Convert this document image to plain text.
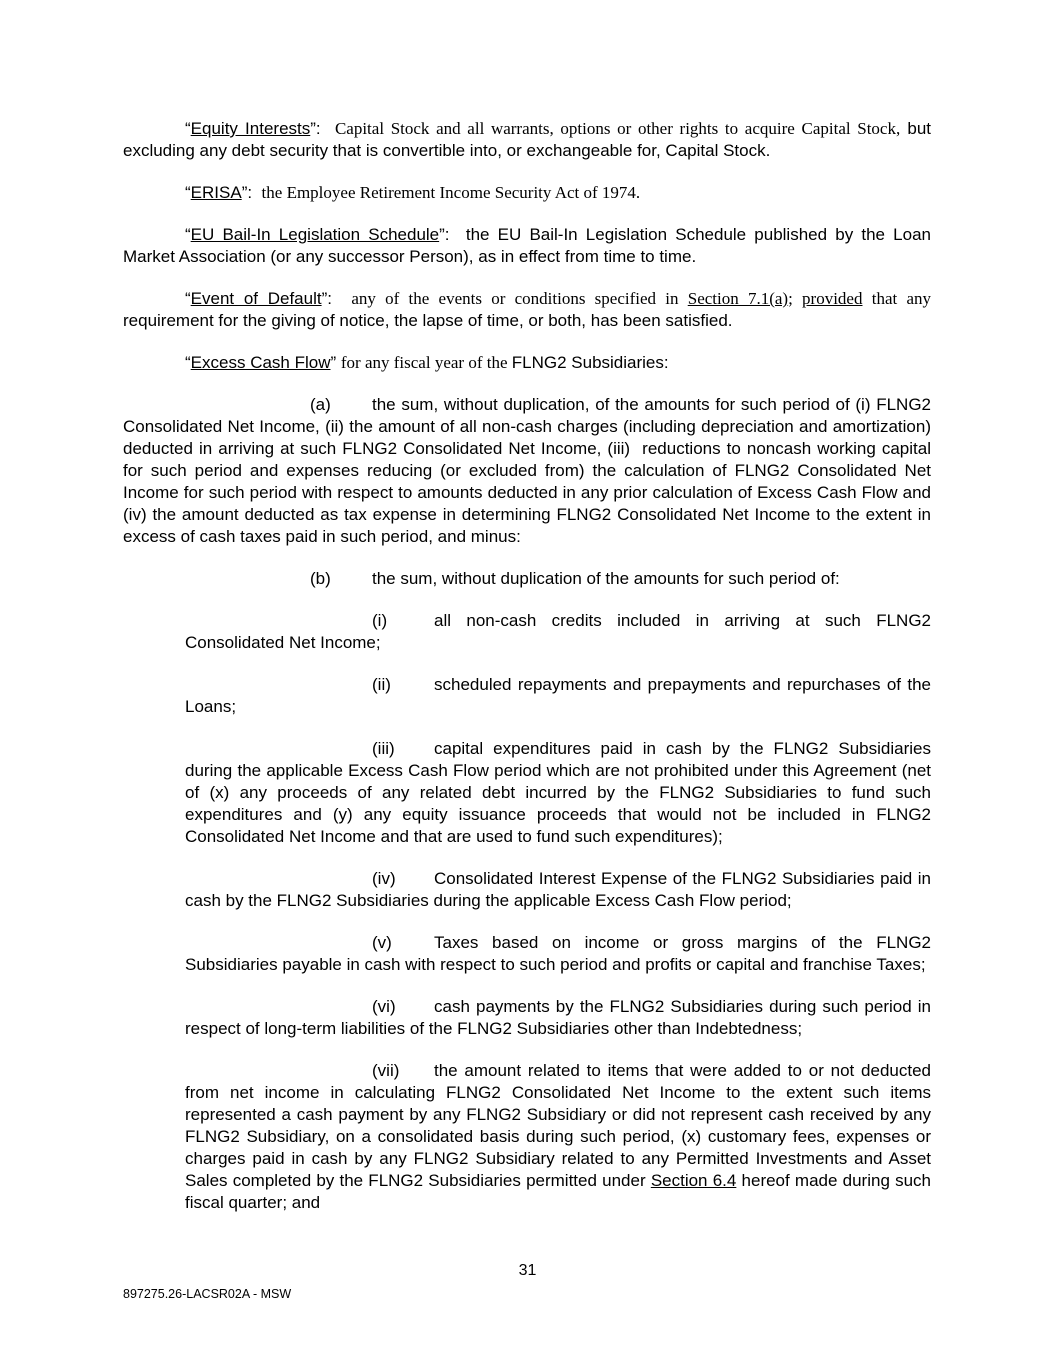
“Equity Interests”:  Capital Stock and all warrants, options or other rights to acquire Capital Stock, but excluding any debt security that is convertible into, or exchangeable for, Capital Stock.

“ERISA”:  the Employee Retirement Income Security Act of 1974.

“EU Bail-In Legislation Schedule”:  the EU Bail-In Legislation Schedule published by the Loan Market Association (or any successor Person), as in effect from time to time.

“Event of Default”:  any of the events or conditions specified in Section 7.1(a); provided that any requirement for the giving of notice, the lapse of time, or both, has been satisfied.

“Excess Cash Flow” for any fiscal year of the FLNG2 Subsidiaries:

(a) the sum, without duplication, of the amounts for such period of (i) FLNG2 Consolidated Net Income, (ii) the amount of all non-cash charges (including depreciation and amortization) deducted in arriving at such FLNG2 Consolidated Net Income, (iii)  reductions to noncash working capital for such period and expenses reducing (or excluded from) the calculation of FLNG2 Consolidated Net Income for such period with respect to amounts deducted in any prior calculation of Excess Cash Flow and (iv) the amount deducted as tax expense in determining FLNG2 Consolidated Net Income to the extent in excess of cash taxes paid in such period, and minus:

(b) the sum, without duplication of the amounts for such period of:

(i)	all non-cash credits included in arriving at such FLNG2 Consolidated Net Income;

(ii)	scheduled repayments and prepayments and repurchases of the Loans;

(iii) capital expenditures paid in cash by the FLNG2 Subsidiaries during the applicable Excess Cash Flow period which are not prohibited under this Agreement (net of (x) any proceeds of any related debt incurred by the FLNG2 Subsidiaries to fund such expenditures and (y) any equity issuance proceeds that would not be included in FLNG2 Consolidated Net Income and that are used to fund such expenditures);

(iv) Consolidated Interest Expense of the FLNG2 Subsidiaries paid in cash by the FLNG2 Subsidiaries during the applicable Excess Cash Flow period;

(v) Taxes based on income or gross margins of the FLNG2 Subsidiaries payable in cash with respect to such period and profits or capital and franchise Taxes;

(vi) cash payments by the FLNG2 Subsidiaries during such period in respect of long-term liabilities of the FLNG2 Subsidiaries other than Indebtedness;

(vii) the amount related to items that were added to or not deducted from net income in calculating FLNG2 Consolidated Net Income to the extent such items represented a cash payment by any FLNG2 Subsidiary or did not represent cash received by any FLNG2 Subsidiary, on a consolidated basis during such period, (x) customary fees, expenses or charges paid in cash by any FLNG2 Subsidiary related to any Permitted Investments and Asset Sales completed by the FLNG2 Subsidiaries permitted under Section 6.4 hereof made during such fiscal quarter; and

31
897275.26-LACSR02A - MSW
